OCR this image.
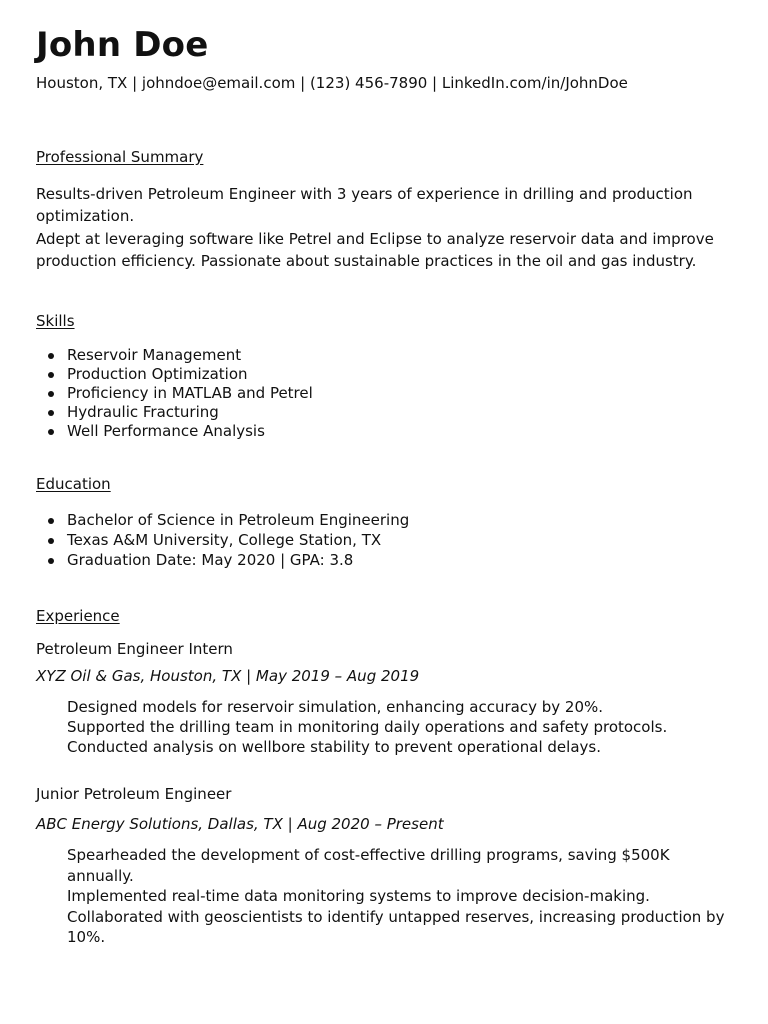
John Doe

Houston, TX | johndoe@email.com | (123) 456-7890 | LinkedIn.com/in/JohnDoe

Professional Summary

Results-driven Petroleum Engineer with 3 years of experience in drilling and production optimization.

Adept at leveraging software like Petrel and Eclipse to analyze reservoir data and improve production efficiency. Passionate about sustainable practices in the oil and gas industry.

Skills
Reservoir Management
Production Optimization
Proficiency in MATLAB and Petrel
Hydraulic Fracturing
Well Performance Analysis
Education
Bachelor of Science in Petroleum Engineering
Texas A&M University, College Station, TX
Graduation Date: May 2020 | GPA: 3.8
Experience

Petroleum Engineer Intern

XYZ Oil & Gas, Houston, TX | May 2019 – Aug 2019

Designed models for reservoir simulation, enhancing accuracy by 20%.
Supported the drilling team in monitoring daily operations and safety protocols.
Conducted analysis on wellbore stability to prevent operational delays.

Junior Petroleum Engineer

ABC Energy Solutions, Dallas, TX | Aug 2020 – Present

Spearheaded the development of cost-effective drilling programs, saving $500K annually.
Implemented real-time data monitoring systems to improve decision-making.
Collaborated with geoscientists to identify untapped reserves, increasing production by 10%.
